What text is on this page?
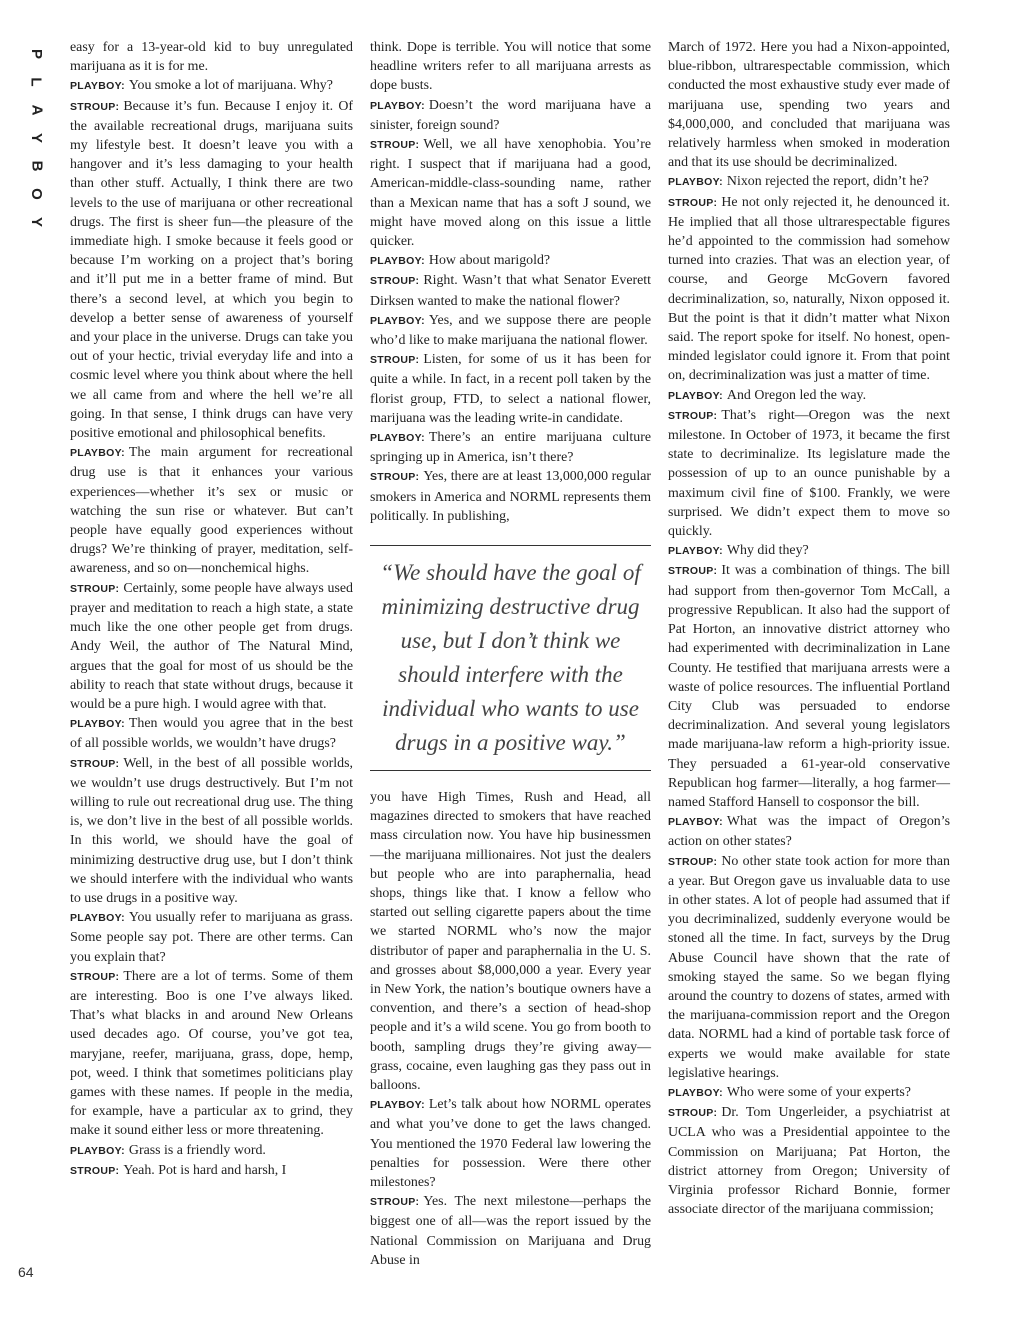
P
L
A
Y
B
O
Y
64

easy for a 13-year-old kid to buy unregulated marijuana as it is for me.

PLAYBOY: You smoke a lot of marijuana. Why?

STROUP: Because it’s fun. Because I enjoy it. Of the available recreational drugs, marijuana suits my lifestyle best. It doesn’t leave you with a hangover and it’s less damaging to your health than other stuff. Actually, I think there are two levels to the use of marijuana or other recreational drugs. The first is sheer fun—the pleasure of the immediate high. I smoke because it feels good or because I’m working on a project that’s boring and it’ll put me in a better frame of mind. But there’s a second level, at which you begin to develop a better sense of awareness of yourself and your place in the universe. Drugs can take you out of your hectic, trivial everyday life and into a cosmic level where you think about where the hell we all came from and where the hell we’re all going. In that sense, I think drugs can have very positive emotional and philosophical benefits.

PLAYBOY: The main argument for recreational drug use is that it enhances your various experiences—whether it’s sex or music or watching the sun rise or whatever. But can’t people have equally good experiences without drugs? We’re thinking of prayer, meditation, self-awareness, and so on—nonchemical highs.

STROUP: Certainly, some people have always used prayer and meditation to reach a high state, a state much like the one other people get from drugs. Andy Weil, the author of The Natural Mind, argues that the goal for most of us should be the ability to reach that state without drugs, because it would be a pure high. I would agree with that.

PLAYBOY: Then would you agree that in the best of all possible worlds, we wouldn’t have drugs?

STROUP: Well, in the best of all possible worlds, we wouldn’t use drugs destructively. But I’m not willing to rule out recreational drug use. The thing is, we don’t live in the best of all possible worlds. In this world, we should have the goal of minimizing destructive drug use, but I don’t think we should interfere with the individual who wants to use drugs in a positive way.

PLAYBOY: You usually refer to marijuana as grass. Some people say pot. There are other terms. Can you explain that?

STROUP: There are a lot of terms. Some of them are interesting. Boo is one I’ve always liked. That’s what blacks in and around New Orleans used decades ago. Of course, you’ve got tea, maryjane, reefer, marijuana, grass, dope, hemp, pot, weed. I think that sometimes politicians play games with these names. If people in the media, for example, have a particular ax to grind, they make it sound either less or more threatening.

PLAYBOY: Grass is a friendly word.

STROUP: Yeah. Pot is hard and harsh, I

think. Dope is terrible. You will notice that some headline writers refer to all marijuana arrests as dope busts.

PLAYBOY: Doesn’t the word marijuana have a sinister, foreign sound?

STROUP: Well, we all have xenophobia. You’re right. I suspect that if marijuana had a good, American-middle-class-sounding name, rather than a Mexican name that has a soft J sound, we might have moved along on this issue a little quicker.

PLAYBOY: How about marigold?

STROUP: Right. Wasn’t that what Senator Everett Dirksen wanted to make the national flower?

PLAYBOY: Yes, and we suppose there are people who’d like to make marijuana the national flower.

STROUP: Listen, for some of us it has been for quite a while. In fact, in a recent poll taken by the florist group, FTD, to select a national flower, marijuana was the leading write-in candidate.

PLAYBOY: There’s an entire marijuana culture springing up in America, isn’t there?

STROUP: Yes, there are at least 13,000,000 regular smokers in America and NORML represents them politically. In publishing,

“We should have the goal of minimizing destructive drug use, but I don’t think we should interfere with the individual who wants to use drugs in a positive way.”

you have High Times, Rush and Head, all magazines directed to smokers that have reached mass circulation now. You have hip businessmen—the marijuana millionaires. Not just the dealers but people who are into paraphernalia, head shops, things like that. I know a fellow who started out selling cigarette papers about the time we started NORML who’s now the major distributor of paper and paraphernalia in the U. S. and grosses about $8,000,000 a year. Every year in New York, the nation’s boutique owners have a convention, and there’s a section of head-shop people and it’s a wild scene. You go from booth to booth, sampling drugs they’re giving away—grass, cocaine, even laughing gas they pass out in balloons.

PLAYBOY: Let’s talk about how NORML operates and what you’ve done to get the laws changed. You mentioned the 1970 Federal law lowering the penalties for possession. Were there other milestones?

STROUP: Yes. The next milestone—perhaps the biggest one of all—was the report issued by the National Commission on Marijuana and Drug Abuse in

March of 1972. Here you had a Nixon-appointed, blue-ribbon, ultrarespectable commission, which conducted the most exhaustive study ever made of marijuana use, spending two years and $4,000,000, and concluded that marijuana was relatively harmless when smoked in moderation and that its use should be decriminalized.

PLAYBOY: Nixon rejected the report, didn’t he?

STROUP: He not only rejected it, he denounced it. He implied that all those ultrarespectable figures he’d appointed to the commission had somehow turned into crazies. That was an election year, of course, and George McGovern favored decriminalization, so, naturally, Nixon opposed it. But the point is that it didn’t matter what Nixon said. The report spoke for itself. No honest, open-minded legislator could ignore it. From that point on, decriminalization was just a matter of time.

PLAYBOY: And Oregon led the way.

STROUP: That’s right—Oregon was the next milestone. In October of 1973, it became the first state to decriminalize. Its legislature made the possession of up to an ounce punishable by a maximum civil fine of $100. Frankly, we were surprised. We didn’t expect them to move so quickly.

PLAYBOY: Why did they?

STROUP: It was a combination of things. The bill had support from then-governor Tom McCall, a progressive Republican. It also had the support of Pat Horton, an innovative district attorney who had experimented with decriminalization in Lane County. He testified that marijuana arrests were a waste of police resources. The influential Portland City Club was persuaded to endorse decriminalization. And several young legislators made marijuana-law reform a high-priority issue. They persuaded a 61-year-old conservative Republican hog farmer—literally, a hog farmer—named Stafford Hansell to cosponsor the bill.

PLAYBOY: What was the impact of Oregon’s action on other states?

STROUP: No other state took action for more than a year. But Oregon gave us invaluable data to use in other states. A lot of people had assumed that if you decriminalized, suddenly everyone would be stoned all the time. In fact, surveys by the Drug Abuse Council have shown that the rate of smoking stayed the same. So we began flying around the country to dozens of states, armed with the marijuana-commission report and the Oregon data. NORML had a kind of portable task force of experts we would make available for state legislative hearings.

PLAYBOY: Who were some of your experts?

STROUP: Dr. Tom Ungerleider, a psychiatrist at UCLA who was a Presidential appointee to the Commission on Marijuana; Pat Horton, the district attorney from Oregon; University of Virginia professor Richard Bonnie, former associate director of the marijuana commission;
